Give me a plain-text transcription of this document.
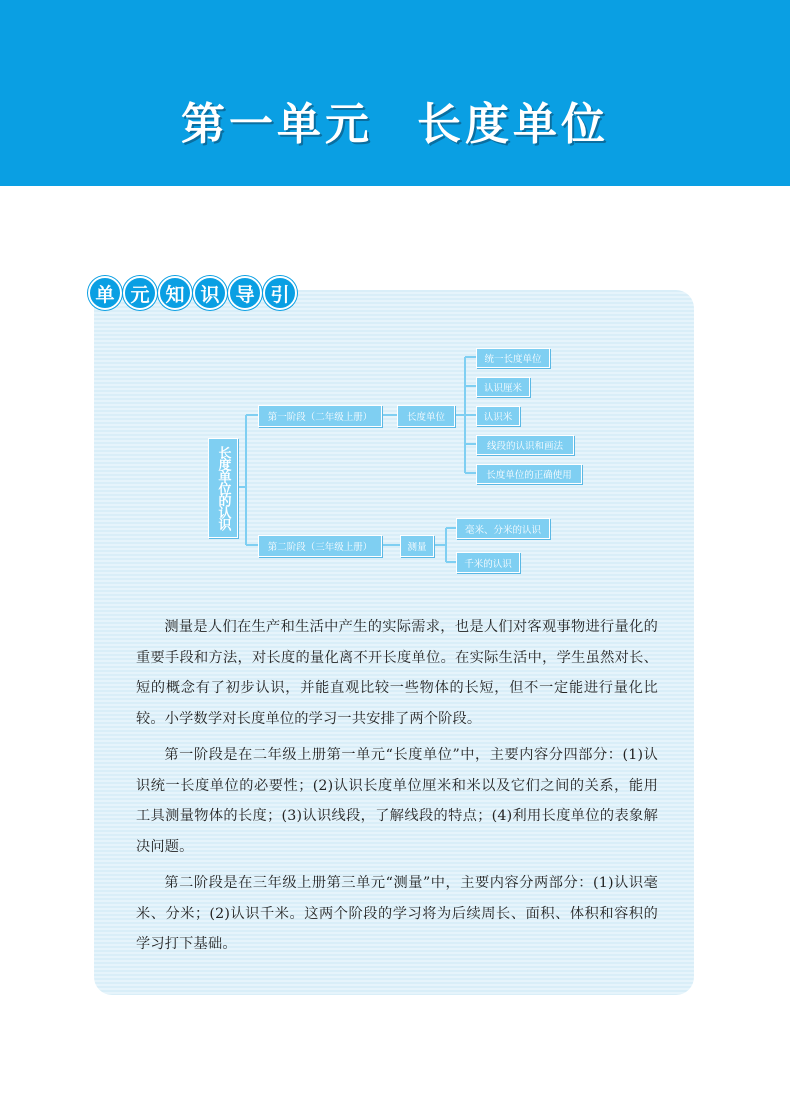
第一单元 长度单位
单 元 知 识 导 引
长度单位的认识
第一阶段（二年级上册）	长度单位
统一长度单位
认识厘米
认识米
线段的认识和画法
长度单位的正确使用
第二阶段（三年级上册）	测量
毫米、分米的认识
千米的认识

测量是人们在生产和生活中产生的实际需求，也是人们对客观事物进行量化的重要手段和方法，对长度的量化离不开长度单位。在实际生活中，学生虽然对长、短的概念有了初步认识，并能直观比较一些物体的长短，但不一定能进行量化比较。小学数学对长度单位的学习一共安排了两个阶段。

第一阶段是在二年级上册第一单元“长度单位”中，主要内容分四部分：(1)认识统一长度单位的必要性；(2)认识长度单位厘米和米以及它们之间的关系，能用工具测量物体的长度；(3)认识线段，了解线段的特点；(4)利用长度单位的表象解决问题。

第二阶段是在三年级上册第三单元“测量”中，主要内容分两部分：(1)认识毫米、分米；(2)认识千米。这两个阶段的学习将为后续周长、面积、体积和容积的学习打下基础。
